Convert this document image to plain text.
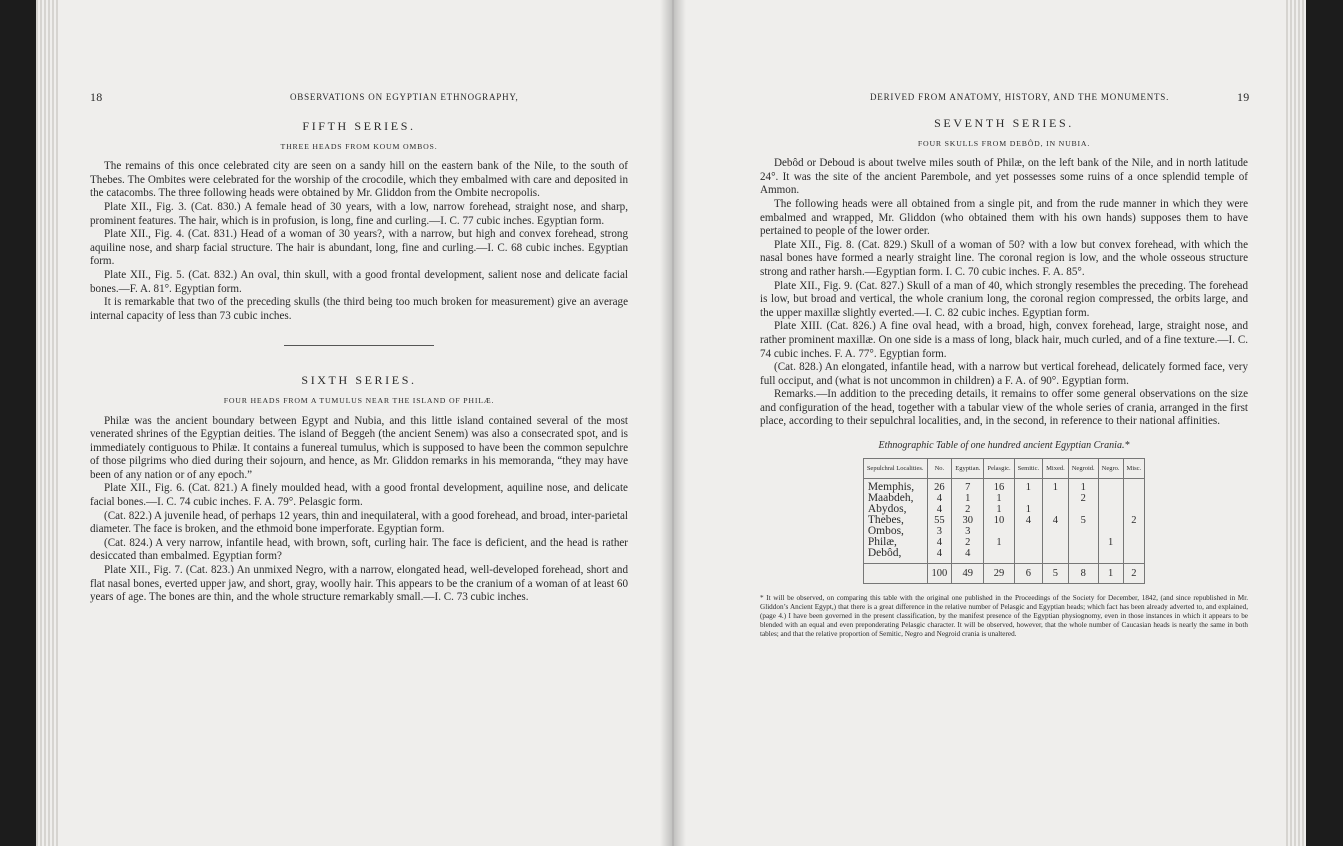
18	OBSERVATIONS ON EGYPTIAN ETHNOGRAPHY,
FIFTH SERIES.
THREE HEADS FROM KOUM OMBOS.

The remains of this once celebrated city are seen on a sandy hill on the eastern bank of the Nile, to the south of Thebes. The Ombites were celebrated for the worship of the crocodile, which they embalmed with care and deposited in the catacombs. The three following heads were obtained by Mr. Gliddon from the Ombite necropolis.

Plate XII., Fig. 3. (Cat. 830.) A female head of 30 years, with a low, narrow forehead, straight nose, and sharp, prominent features. The hair, which is in profusion, is long, fine and curling.—I. C. 77 cubic inches. Egyptian form.

Plate XII., Fig. 4. (Cat. 831.) Head of a woman of 30 years?, with a narrow, but high and convex forehead, strong aquiline nose, and sharp facial structure. The hair is abundant, long, fine and curling.—I. C. 68 cubic inches. Egyptian form.

Plate XII., Fig. 5. (Cat. 832.) An oval, thin skull, with a good frontal development, salient nose and delicate facial bones.—F. A. 81°. Egyptian form.

It is remarkable that two of the preceding skulls (the third being too much broken for measurement) give an average internal capacity of less than 73 cubic inches.

SIXTH SERIES.
FOUR HEADS FROM A TUMULUS NEAR THE ISLAND OF PHILÆ.

Philæ was the ancient boundary between Egypt and Nubia, and this little island contained several of the most venerated shrines of the Egyptian deities. The island of Beggeh (the ancient Senem) was also a consecrated spot, and is immediately contiguous to Philæ. It contains a funereal tumulus, which is supposed to have been the common sepulchre of those pilgrims who died during their sojourn, and hence, as Mr. Gliddon remarks in his memoranda, “they may have been of any nation or of any epoch.”

Plate XII., Fig. 6. (Cat. 821.) A finely moulded head, with a good frontal development, aquiline nose, and delicate facial bones.—I. C. 74 cubic inches. F. A. 79°. Pelasgic form.

(Cat. 822.) A juvenile head, of perhaps 12 years, thin and inequilateral, with a good forehead, and broad, inter-parietal diameter. The face is broken, and the ethmoid bone imperforate. Egyptian form.

(Cat. 824.) A very narrow, infantile head, with brown, soft, curling hair. The face is deficient, and the head is rather desiccated than embalmed. Egyptian form?

Plate XII., Fig. 7. (Cat. 823.) An unmixed Negro, with a narrow, elongated head, well-developed forehead, short and flat nasal bones, everted upper jaw, and short, gray, woolly hair. This appears to be the cranium of a woman of at least 60 years of age. The bones are thin, and the whole structure remarkably small.—I. C. 73 cubic inches.

DERIVED FROM ANATOMY, HISTORY, AND THE MONUMENTS.	19
SEVENTH SERIES.
FOUR SKULLS FROM DEBÔD, IN NUBIA.

Debôd or Deboud is about twelve miles south of Philæ, on the left bank of the Nile, and in north latitude 24°. It was the site of the ancient Parembole, and yet possesses some ruins of a once splendid temple of Ammon.

The following heads were all obtained from a single pit, and from the rude manner in which they were embalmed and wrapped, Mr. Gliddon (who obtained them with his own hands) supposes them to have pertained to people of the lower order.

Plate XII., Fig. 8. (Cat. 829.) Skull of a woman of 50? with a low but convex forehead, with which the nasal bones have formed a nearly straight line. The coronal region is low, and the whole osseous structure strong and rather harsh.—Egyptian form. I. C. 70 cubic inches. F. A. 85°.

Plate XII., Fig. 9. (Cat. 827.) Skull of a man of 40, which strongly resembles the preceding. The forehead is low, but broad and vertical, the whole cranium long, the coronal region compressed, the orbits large, and the upper maxillæ slightly everted.—I. C. 82 cubic inches. Egyptian form.

Plate XIII. (Cat. 826.) A fine oval head, with a broad, high, convex forehead, large, straight nose, and rather prominent maxillæ. On one side is a mass of long, black hair, much curled, and of a fine texture.—I. C. 74 cubic inches. F. A. 77°. Egyptian form.

(Cat. 828.) An elongated, infantile head, with a narrow but vertical forehead, delicately formed face, very full occiput, and (what is not uncommon in children) a F. A. of 90°. Egyptian form.

Remarks.—In addition to the preceding details, it remains to offer some general observations on the size and configuration of the head, together with a tabular view of the whole series of crania, arranged in the first place, according to their sepulchral localities, and, in the second, in reference to their national affinities.

Ethnographic Table of one hundred ancient Egyptian Crania.*
Sepulchral Localities.	No.	Egyptian.	Pelasgic.	Semitic.	Mixed.	Negroid.	Negro.	Misc.
Memphis,	26	7	16	1	1	1		
Maabdeh,	4	1	1			2		
Abydos,	4	2	1	1				
Thebes,	55	30	10	4	4	5		2
Ombos,	3	3						
Philæ,	4	2	1				1	
Debôd,	4	4						
	100	49	29	6	5	8	1	2
* It will be observed, on comparing this table with the original one published in the Proceedings of the Society for December, 1842, (and since republished in Mr. Gliddon’s Ancient Egypt,) that there is a great difference in the relative number of Pelasgic and Egyptian heads; which fact has been already adverted to, and explained, (page 4.) I have been governed in the present classification, by the manifest presence of the Egyptian physiognomy, even in those instances in which it appears to be blended with an equal and even preponderating Pelasgic character. It will be observed, however, that the whole number of Caucasian heads is nearly the same in both tables; and that the relative proportion of Semitic, Negro and Negroid crania is unaltered.
